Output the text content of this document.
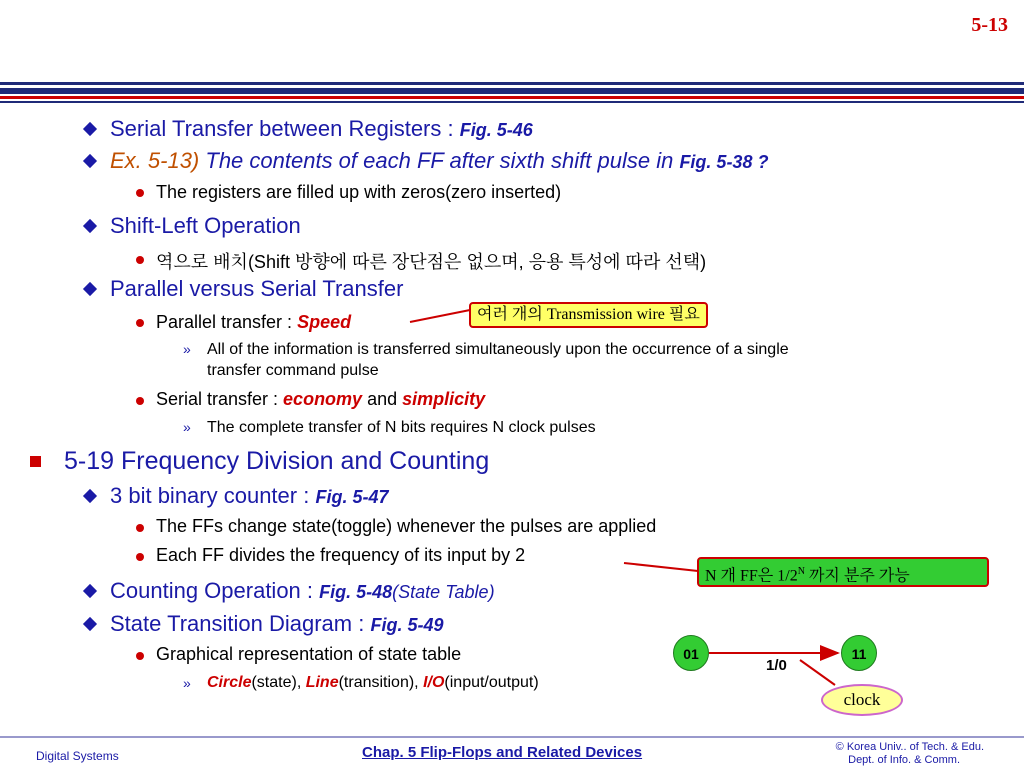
5-13
Serial Transfer between Registers : Fig. 5-46
Ex. 5-13) The contents of each FF after sixth shift pulse in Fig. 5-38 ?
The registers are filled up with zeros(zero inserted)
Shift-Left Operation
역으로 배치(Shift 방향에 따른 장단점은 없으며, 응용 특성에 따라 선택)
Parallel versus Serial Transfer
Parallel transfer : Speed
» All of the information is transferred simultaneously upon the occurrence of a single
transfer command pulse
Serial transfer : economy and simplicity
» The complete transfer of N bits requires N clock pulses
5-19 Frequency Division and Counting
3 bit binary counter : Fig. 5-47
The FFs change state(toggle) whenever the pulses are applied
Each FF divides the frequency of its input by 2
Counting Operation : Fig. 5-48(State Table)
State Transition Diagram : Fig. 5-49
Graphical representation of state table
» Circle(state), Line(transition), I/O(input/output)
여러 개의 Transmission wire 필요
N 개 FF은 $1/2^N$ 까지 분주 가능
01	11
1/0
clock
Digital Systems	Chap. 5 Flip-Flops and Related Devices	© Korea Univ.. of Tech. & Edu.
Dept. of Info. & Comm.
